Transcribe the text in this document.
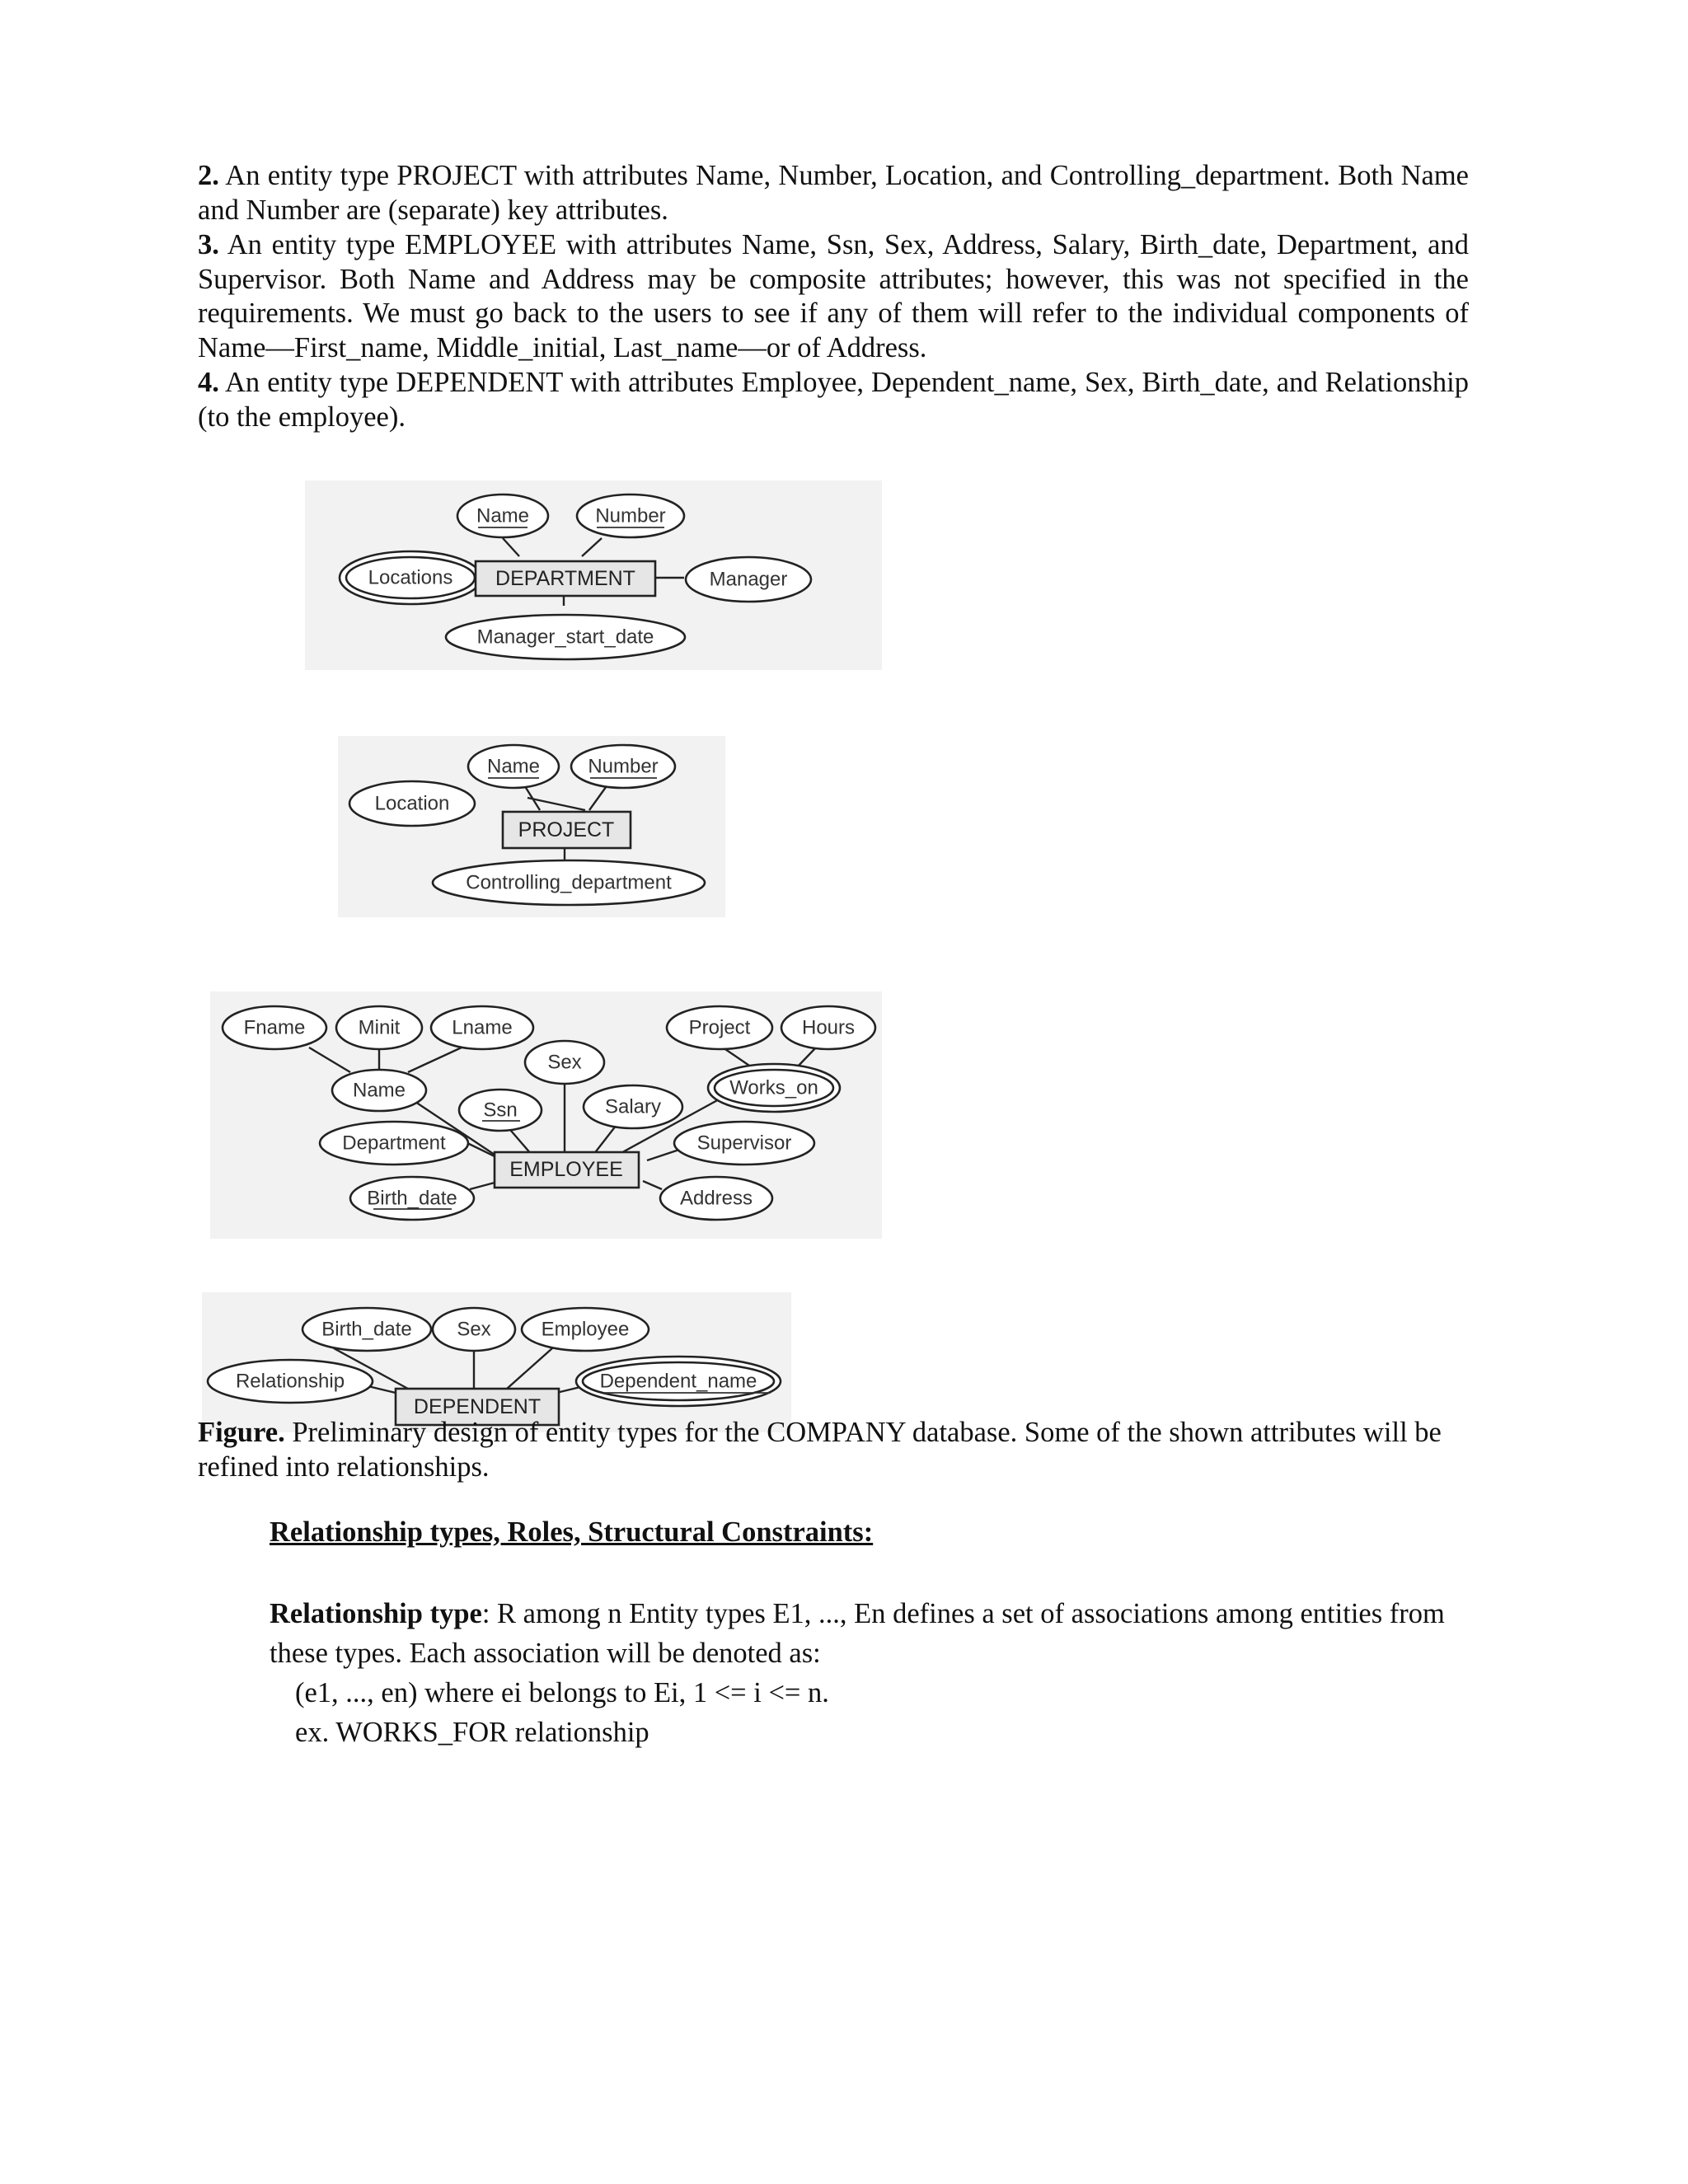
2. An entity type PROJECT with attributes Name, Number, Location, and Controlling_department. Both Name and Number are (separate) key attributes.
3. An entity type EMPLOYEE with attributes Name, Ssn, Sex, Address, Salary, Birth_date, Department, and Supervisor. Both Name and Address may be composite attributes; however, this was not specified in the requirements. We must go back to the users to see if any of them will refer to the individual components of Name—First_name, Middle_initial, Last_name—or of Address.
4. An entity type DEPENDENT with attributes Employee, Dependent_name, Sex, Birth_date, and Relationship (to the employee).
Name	Number
Locations DEPARTMENT	Manager
Manager_start_date
Name Number
Location
PROJECT
Controlling_department
Fname	Minit	Lname
Name
Sex
Ssn	Salary
Project	Hours
Works_on
Department	Supervisor
EMPLOYEE
Birth_date	Address
Birth_date Sex	Employee
Relationship	Dependent_name
DEPENDENT
Figure. Preliminary design of entity types for the COMPANY database. Some of the shown attributes will be refined into relationships.
Relationship types, Roles, Structural Constraints:
Relationship type: R among n Entity types E1, ..., En defines a set of associations among entities from these types. Each association will be denoted as:
(e1, ..., en) where ei belongs to Ei, 1 <= i <= n.
ex. WORKS_FOR relationship
